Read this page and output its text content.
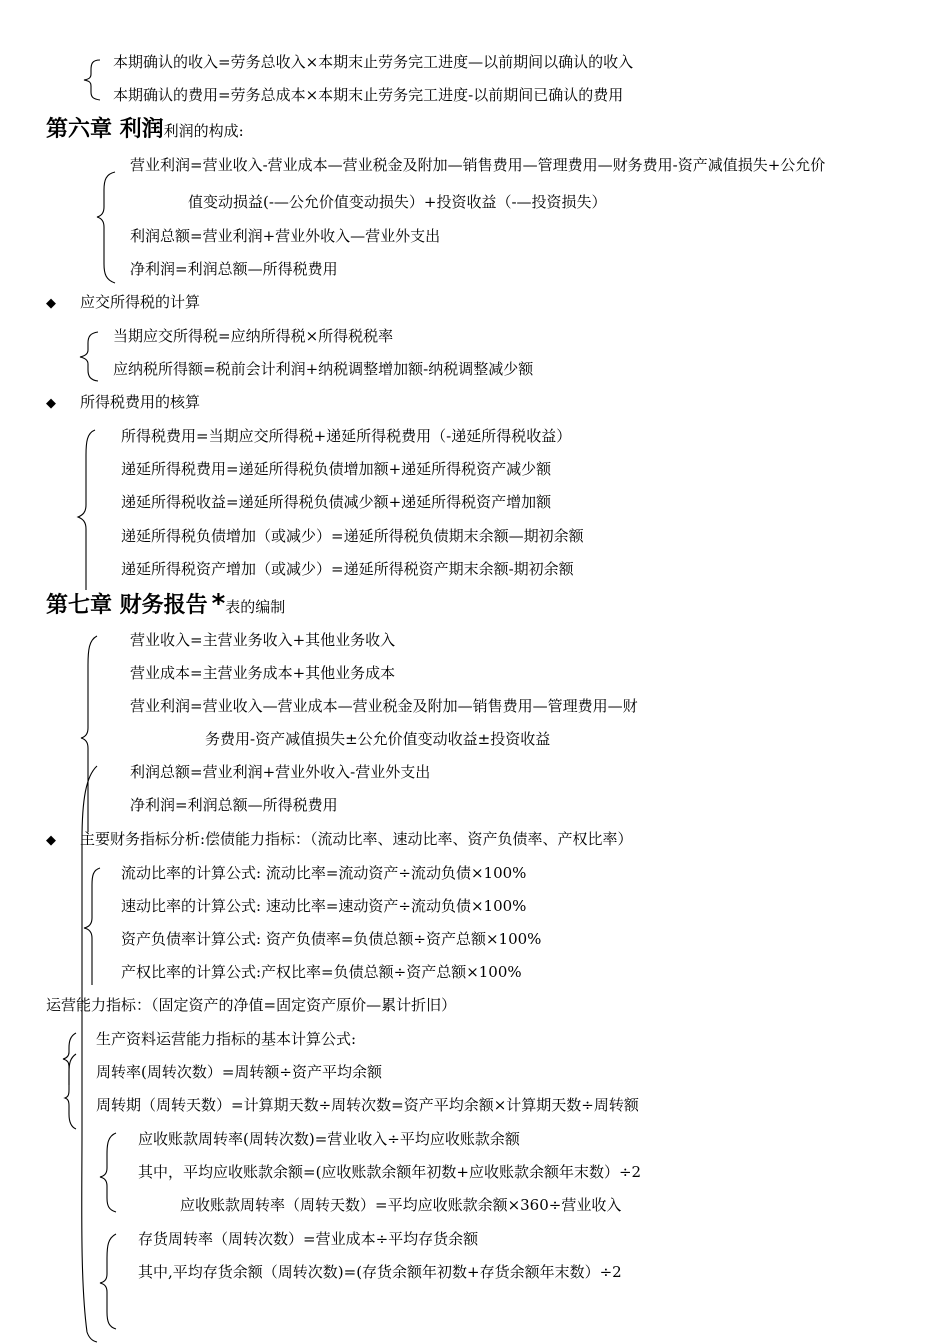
本期确认的收入=劳务总收入×本期末止劳务完工进度—以前期间以确认的收入
本期确认的费用=劳务总成本×本期末止劳务完工进度-以前期间已确认的费用
第六章 利润利润的构成:
营业利润=营业收入-营业成本—营业税金及附加—销售费用—管理费用—财务费用-资产减值损失+公允价
值变动损益(-—公允价值变动损失）+投资收益（-—投资损失）
利润总额=营业利润+营业外收入—营业外支出
净利润=利润总额—所得税费用
◆ 应交所得税的计算
当期应交所得税=应纳所得税×所得税税率
应纳税所得额=税前会计利润+纳税调整增加额-纳税调整减少额
◆ 所得税费用的核算
所得税费用=当期应交所得税+递延所得税费用（-递延所得税收益）
递延所得税费用=递延所得税负债增加额+递延所得税资产减少额
递延所得税收益=递延所得税负债减少额+递延所得税资产增加额
递延所得税负债增加（或减少）=递延所得税负债期末余额—期初余额
递延所得税资产增加（或减少）=递延所得税资产期末余额-期初余额
第七章 财务报告 *表的编制
营业收入=主营业务收入+其他业务收入
营业成本=主营业务成本+其他业务成本
营业利润=营业收入—营业成本—营业税金及附加—销售费用—管理费用—财
务费用-资产减值损失±公允价值变动收益±投资收益
利润总额=营业利润+营业外收入-营业外支出
净利润=利润总额—所得税费用
◆ 主要财务指标分析:偿债能力指标：（流动比率、速动比率、资产负债率、产权比率）
流动比率的计算公式: 流动比率=流动资产÷流动负债×100%
速动比率的计算公式: 速动比率=速动资产÷流动负债×100%
资产负债率计算公式: 资产负债率=负债总额÷资产总额×100%
产权比率的计算公式:产权比率=负债总额÷资产总额×100%
运营能力指标：（固定资产的净值=固定资产原价—累计折旧）
生产资料运营能力指标的基本计算公式:
周转率(周转次数）=周转额÷资产平均余额
周转期（周转天数）=计算期天数÷周转次数=资产平均余额×计算期天数÷周转额
应收账款周转率(周转次数)=营业收入÷平均应收账款余额
其中，平均应收账款余额=(应收账款余额年初数+应收账款余额年末数）÷2
应收账款周转率（周转天数）=平均应收账款余额×360÷营业收入
存货周转率（周转次数）=营业成本÷平均存货余额
其中,平均存货余额（周转次数)=(存货余额年初数+存货余额年末数）÷2
